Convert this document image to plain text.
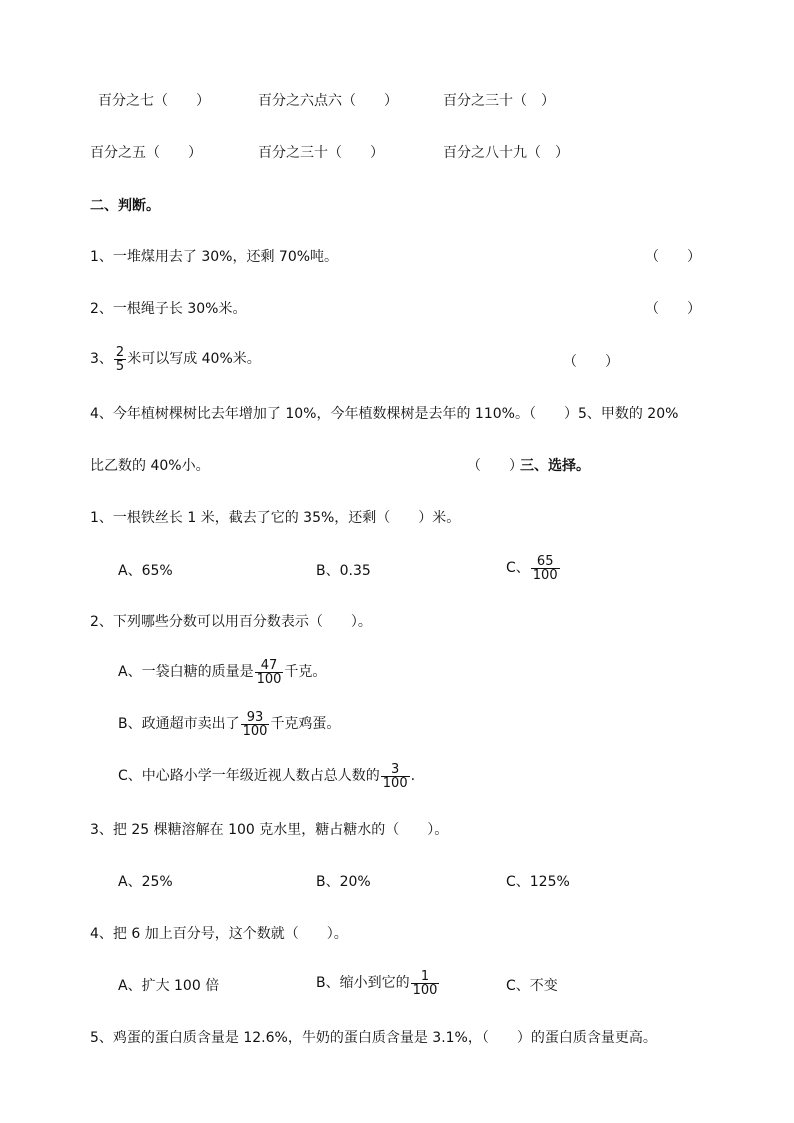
百分之七（　　）	百分之六点六（　　）	百分之三十（　）
百分之五（　　）	百分之三十（　　）	百分之八十九（　）
二、判断。
1、一堆煤用去了 30%，还剩 70%吨。	（　　）
2、一根绳子长 30%米。	（　　）
3、 $\frac{2}{5}$ 米可以写成 40%米。	（　　）
4、今年植树棵树比去年增加了 10%，今年植数棵树是去年的 110%。（　　）5、甲数的 20%
比乙数的 40%小。	（　　）
三、选择。
1、一根铁丝长 1 米，截去了它的 35%，还剩（　　）米。
A、65%	B、0.35	C、 $\frac{65}{100}$
2、下列哪些分数可以用百分数表示（　　）。
A、一袋白糖的质量是 $\frac{47}{100}$ 千克。
B、政通超市卖出了 $\frac{93}{100}$ 千克鸡蛋。
C、中心路小学一年级近视人数占总人数的 $\frac{3}{100}$ .
3、把 25 棵糖溶解在 100 克水里，糖占糖水的（　　）。
A、25%	B、20%	C、125%
4、把 6 加上百分号，这个数就（　　）。
A、扩大 100 倍	B、缩小到它的 $\frac{1}{100}$	C、不变
5、鸡蛋的蛋白质含量是 12.6%，牛奶的蛋白质含量是 3.1%，（　　）的蛋白质含量更高。
